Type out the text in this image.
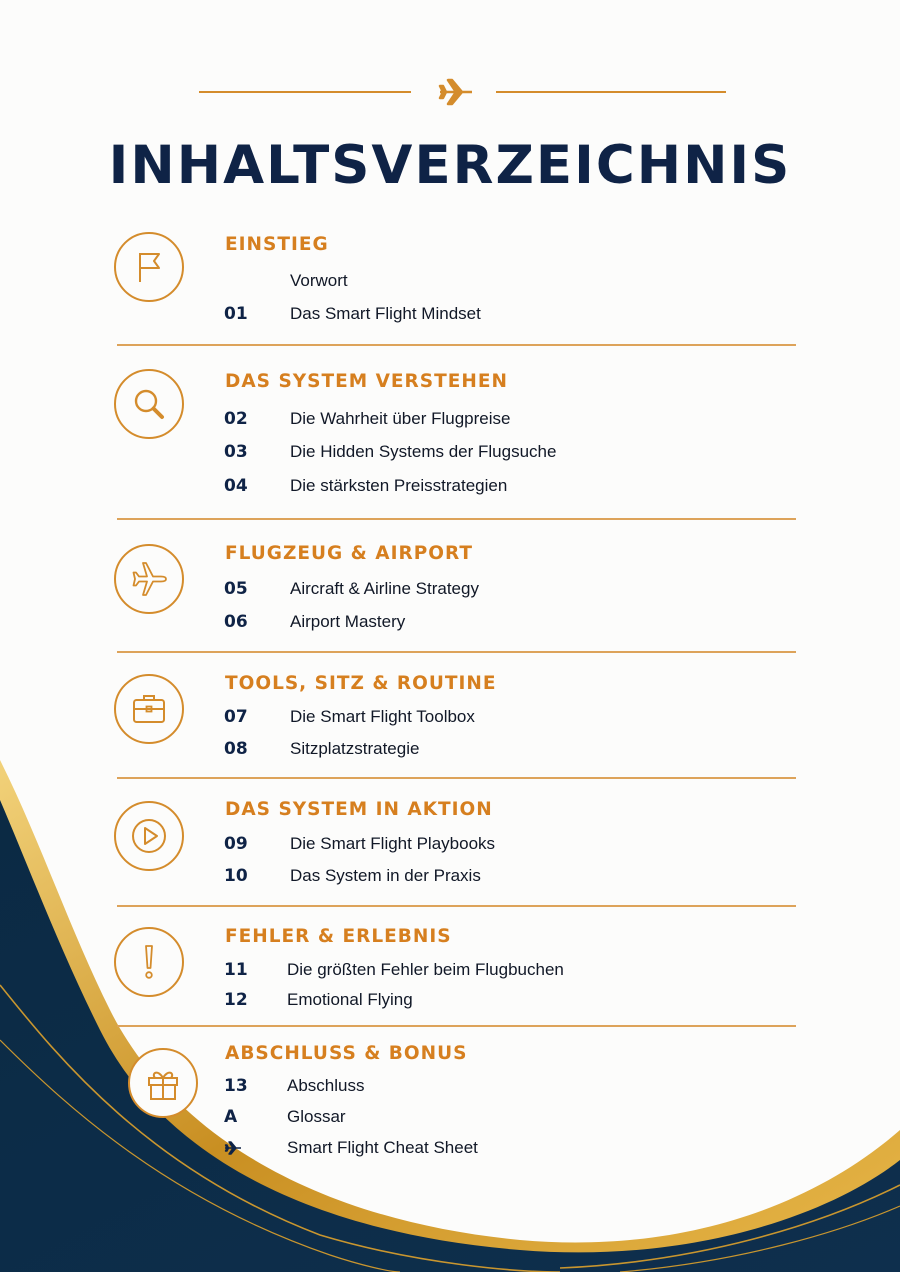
INHALTSVERZEICHNIS
EINSTIEG
Vorwort
01	Das Smart Flight Mindset
DAS SYSTEM VERSTEHEN
02	Die Wahrheit über Flugpreise
03	Die Hidden Systems der Flugsuche
04	Die stärksten Preisstrategien
FLUGZEUG & AIRPORT
05	Aircraft & Airline Strategy
06	Airport Mastery
TOOLS, SITZ & ROUTINE
07	Die Smart Flight Toolbox
08	Sitzplatzstrategie
DAS SYSTEM IN AKTION
09	Die Smart Flight Playbooks
10	Das System in der Praxis
FEHLER & ERLEBNIS
11	Die größten Fehler beim Flugbuchen
12	Emotional Flying
ABSCHLUSS & BONUS
13	Abschluss
A	Glossar
Smart Flight Cheat Sheet
